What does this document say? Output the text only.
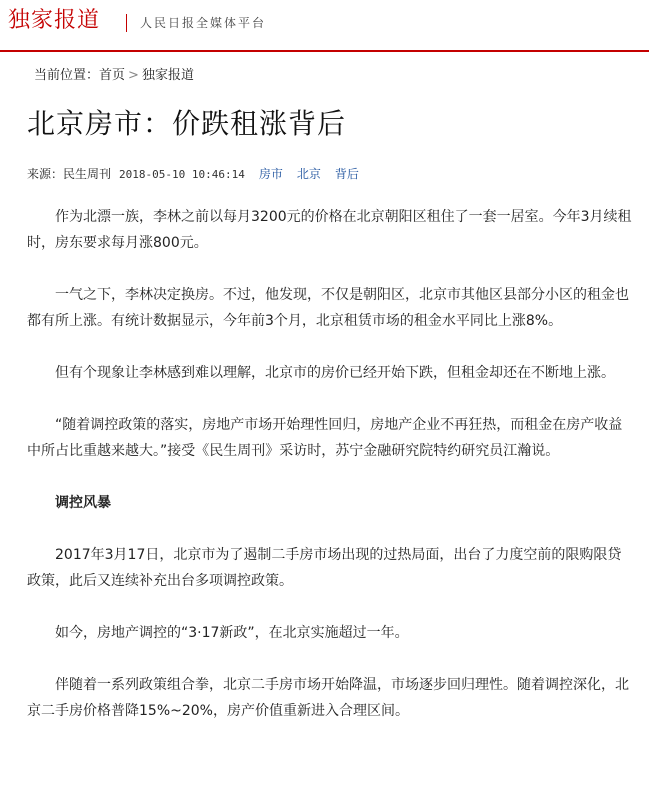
独家报道	人民日报全媒体平台
当前位置：首页 > 独家报道
北京房市：价跌租涨背后
来源：民生周刊 2018-05-10 10:46:14 房市 北京 背后

作为北漂一族，李林之前以每月3200元的价格在北京朝阳区租住了一套一居室。今年3月续租时，房东要求每月涨800元。

一气之下，李林决定换房。不过，他发现，不仅是朝阳区，北京市其他区县部分小区的租金也都有所上涨。有统计数据显示，今年前3个月，北京租赁市场的租金水平同比上涨8%。

但有个现象让李林感到难以理解，北京市的房价已经开始下跌，但租金却还在不断地上涨。

“随着调控政策的落实，房地产市场开始理性回归，房地产企业不再狂热，而租金在房产收益中所占比重越来越大。”接受《民生周刊》采访时，苏宁金融研究院特约研究员江瀚说。

调控风暴

2017年3月17日，北京市为了遏制二手房市场出现的过热局面，出台了力度空前的限购限贷政策，此后又连续补充出台多项调控政策。

如今，房地产调控的“3·17新政”，在北京实施超过一年。

伴随着一系列政策组合拳，北京二手房市场开始降温，市场逐步回归理性。随着调控深化，北京二手房价格普降15%~20%，房产价值重新进入合理区间。
